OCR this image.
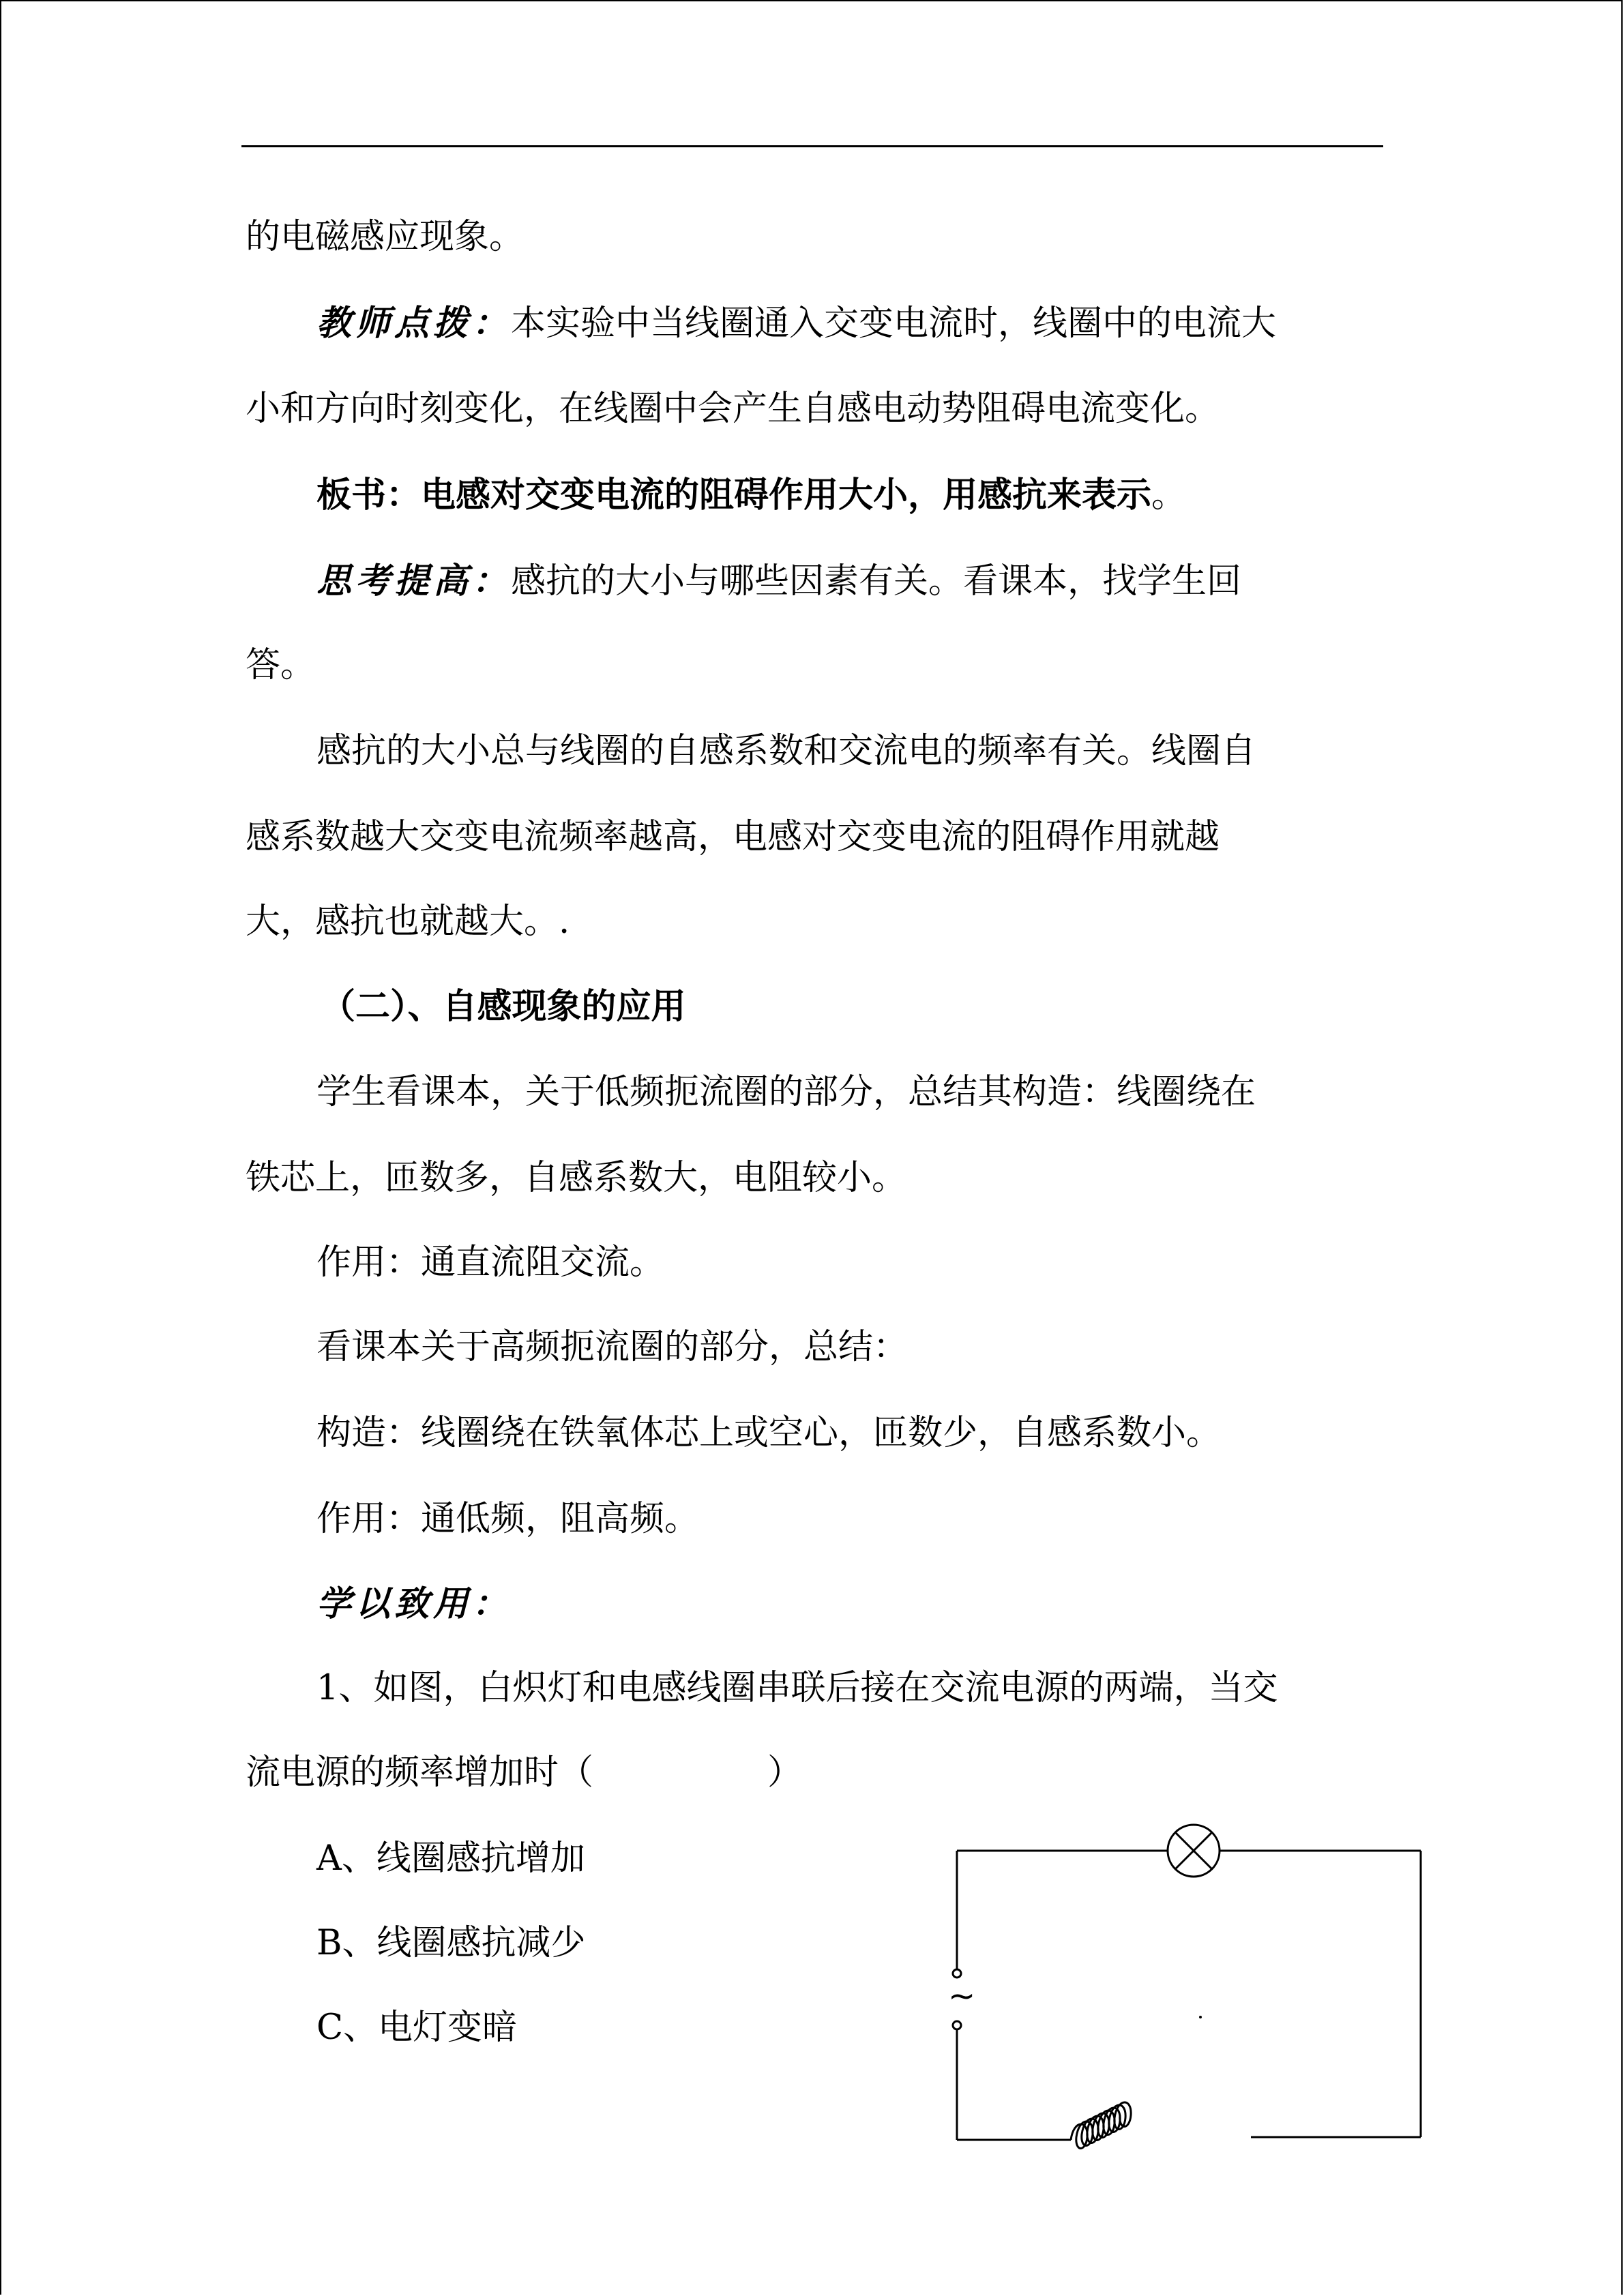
的电磁感应现象。
教师点拨：本实验中当线圈通入交变电流时，线圈中的电流大
小和方向时刻变化，在线圈中会产生自感电动势阻碍电流变化。
板书：电感对交变电流的阻碍作用大小，用感抗来表示。
思考提高：感抗的大小与哪些因素有关。看课本，找学生回
答。
感抗的大小总与线圈的自感系数和交流电的频率有关。线圈自
感系数越大交变电流频率越高，电感对交变电流的阻碍作用就越
大，感抗也就越大。.
（二）、自感现象的应用
学生看课本，关于低频扼流圈的部分，总结其构造：线圈绕在
铁芯上，匝数多，自感系数大，电阻较小。
作用：通直流阻交流。
看课本关于高频扼流圈的部分，总结：
构造：线圈绕在铁氧体芯上或空心，匝数少，自感系数小。
作用：通低频，阻高频。
学以致用：
1、如图，白炽灯和电感线圈串联后接在交流电源的两端，当交
流电源的频率增加时（　　　　　）
A、线圈感抗增加
B、线圈感抗减少
C、电灯变暗
~
